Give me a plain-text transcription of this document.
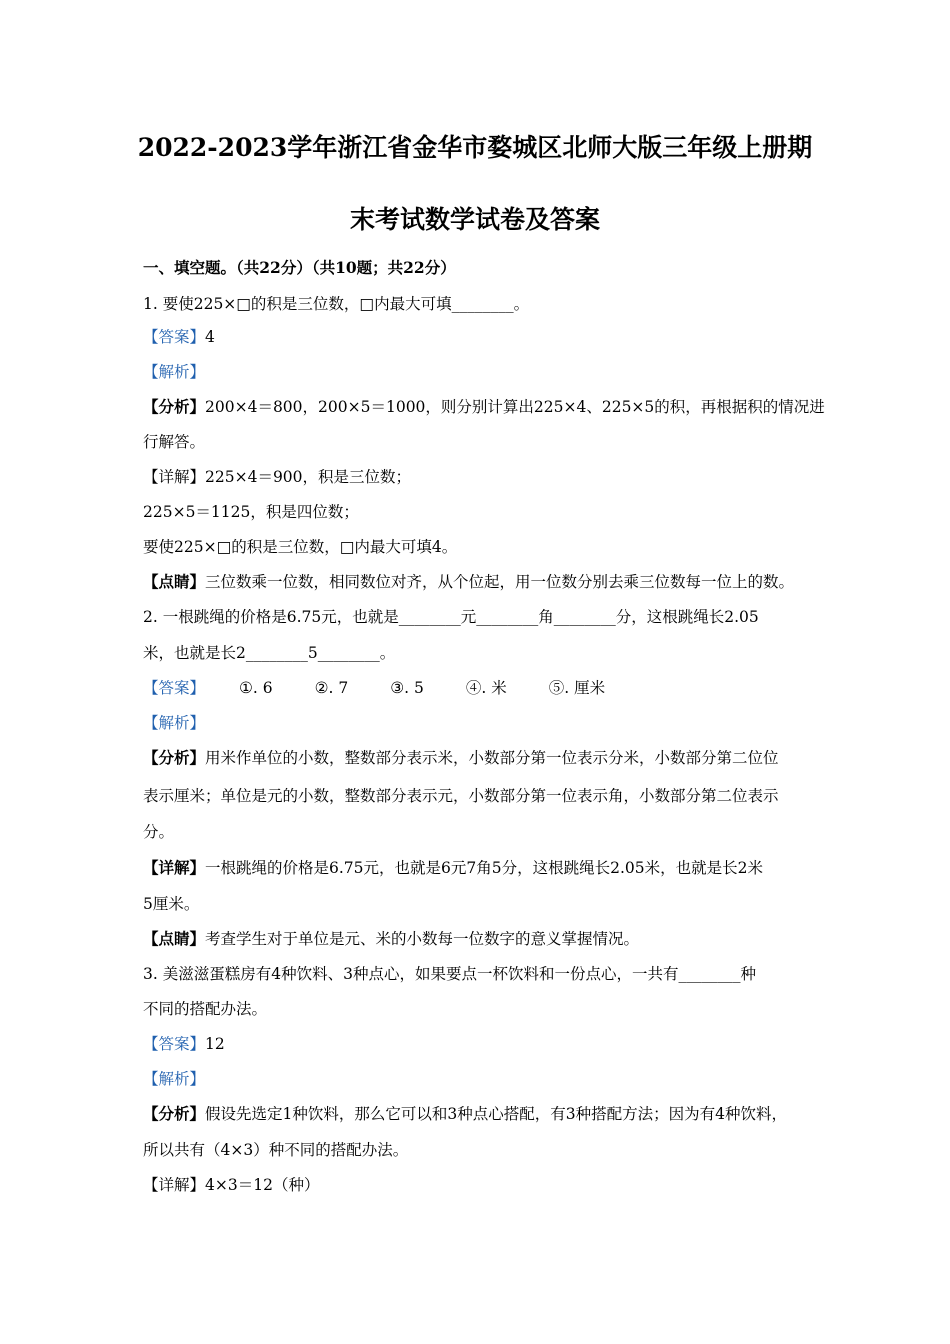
2022-2023学年浙江省金华市婺城区北师大版三年级上册期
末考试数学试卷及答案
一、填空题。（共22分）（共10题；共22分）
1. 要使225×□的积是三位数，□内最大可填________。
【答案】4
【解析】
【分析】200×4＝800，200×5＝1000，则分别计算出225×4、225×5的积，再根据积的情况进
行解答。
【详解】225×4＝900，积是三位数；
225×5＝1125，积是四位数；
要使225×□的积是三位数，□内最大可填4。
【点睛】三位数乘一位数，相同数位对齐，从个位起，用一位数分别去乘三位数每一位上的数。
2. 一根跳绳的价格是6.75元，也就是________元________角________分，这根跳绳长2.05
米，也就是长2________5________。
【答案】 ①. 6	②. 7	③. 5	④. 米	⑤. 厘米
【解析】
【分析】用米作单位的小数，整数部分表示米，小数部分第一位表示分米，小数部分第二位位
表示厘米；单位是元的小数，整数部分表示元，小数部分第一位表示角，小数部分第二位表示
分。
【详解】一根跳绳的价格是6.75元，也就是6元7角5分，这根跳绳长2.05米，也就是长2米
5厘米。
【点睛】考查学生对于单位是元、米的小数每一位数字的意义掌握情况。
3. 美滋滋蛋糕房有4种饮料、3种点心，如果要点一杯饮料和一份点心，一共有________种
不同的搭配办法。
【答案】12
【解析】
【分析】假设先选定1种饮料，那么它可以和3种点心搭配，有3种搭配方法；因为有4种饮料，
所以共有（4×3）种不同的搭配办法。
【详解】4×3＝12（种）
